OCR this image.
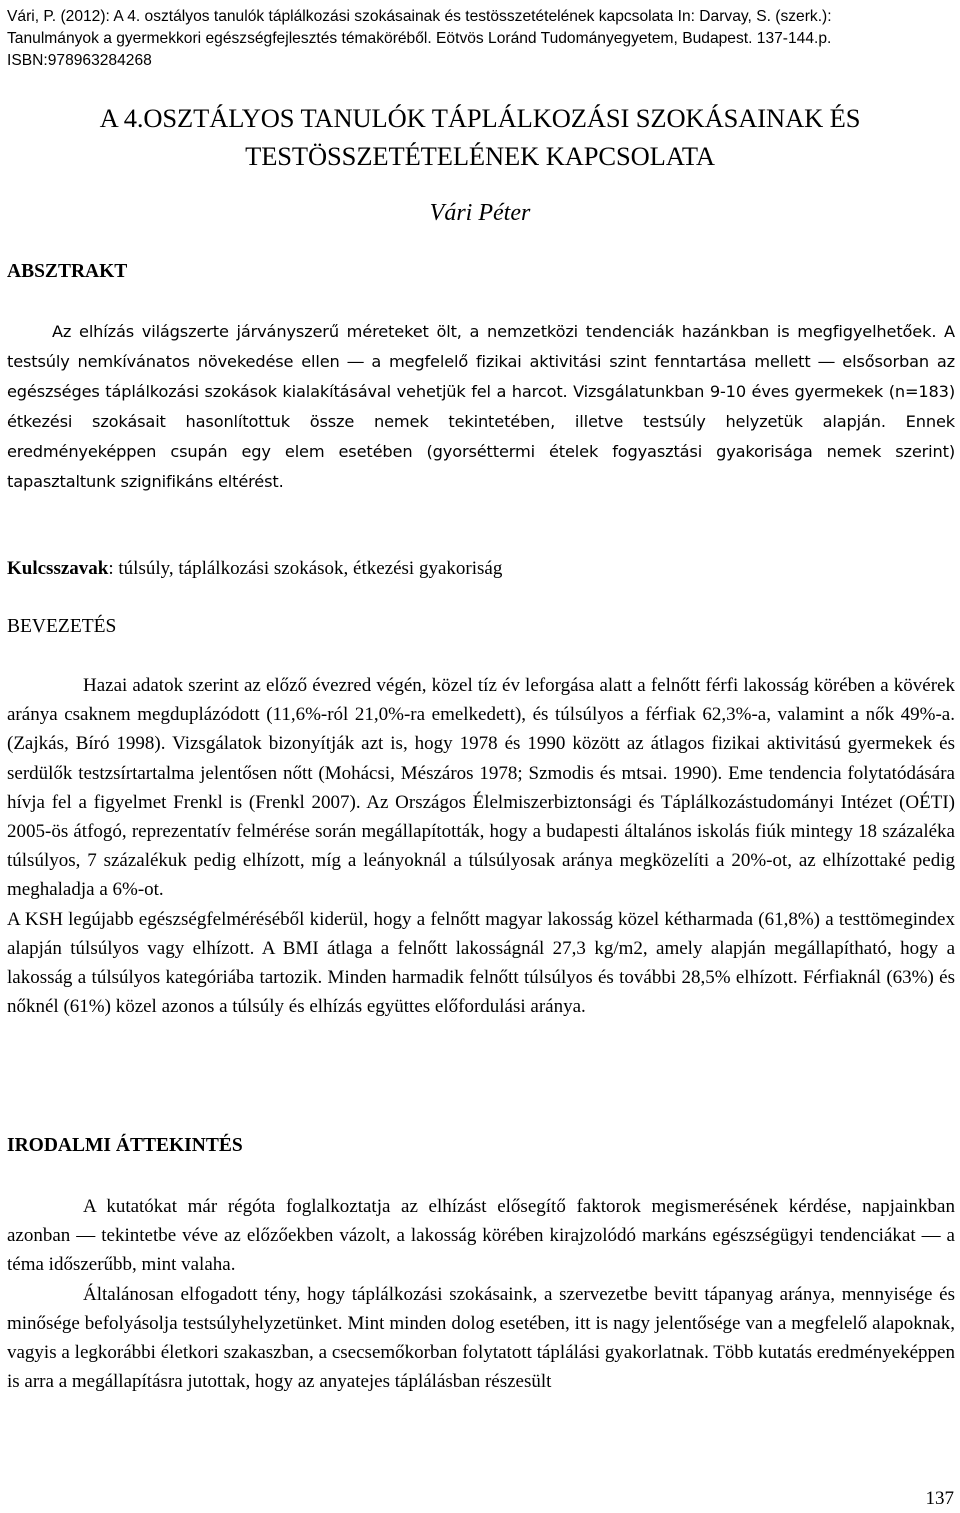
Vári, P. (2012): A 4. osztályos tanulók táplálkozási szokásainak és testösszetételének kapcsolata In: Darvay, S. (szerk.):
Tanulmányok a gyermekkori egészségfejlesztés témaköréből. Eötvös Loránd Tudományegyetem, Budapest. 137-144.p.
ISBN:978963284268
A 4.OSZTÁLYOS TANULÓK TÁPLÁLKOZÁSI SZOKÁSAINAK ÉS
TESTÖSSZETÉTELÉNEK KAPCSOLATA
Vári Péter
ABSZTRAKT

Az elhízás világszerte járványszerű méreteket ölt, a nemzetközi tendenciák hazánkban is megfigyelhetőek. A testsúly nemkívánatos növekedése ellen ― a megfelelő fizikai aktivitási szint fenntartása mellett ― elsősorban az egészséges táplálkozási szokások kialakításával vehetjük fel a harcot. Vizsgálatunkban 9-10 éves gyermekek (n=183) étkezési szokásait hasonlítottuk össze nemek tekintetében, illetve testsúly helyzetük alapján. Ennek eredményeképpen csupán egy elem esetében (gyorséttermi ételek fogyasztási gyakorisága nemek szerint) tapasztaltunk szignifikáns eltérést.

Kulcsszavak: túlsúly, táplálkozási szokások, étkezési gyakoriság
BEVEZETÉS

Hazai adatok szerint az előző évezred végén, közel tíz év leforgása alatt a felnőtt férfi lakosság körében a kövérek aránya csaknem megduplázódott (11,6%-ról 21,0%-ra emelkedett), és túlsúlyos a férfiak 62,3%-a, valamint a nők 49%-a. (Zajkás, Bíró 1998). Vizsgálatok bizonyítják azt is, hogy 1978 és 1990 között az átlagos fizikai aktivitású gyermekek és serdülők testzsírtartalma jelentősen nőtt (Mohácsi, Mészáros 1978; Szmodis és mtsai. 1990). Eme tendencia folytatódására hívja fel a figyelmet Frenkl is (Frenkl 2007). Az Országos Élelmiszerbiztonsági és Táplálkozástudományi Intézet (OÉTI) 2005-ös átfogó, reprezentatív felmérése során megállapították, hogy a budapesti általános iskolás fiúk mintegy 18 százaléka túlsúlyos, 7 százalékuk pedig elhízott, míg a leányoknál a túlsúlyosak aránya megközelíti a 20%-ot, az elhízottaké pedig meghaladja a 6%-ot.

A KSH legújabb egészségfelméréséből kiderül, hogy a felnőtt magyar lakosság közel kétharmada (61,8%) a testtömegindex alapján túlsúlyos vagy elhízott. A BMI átlaga a felnőtt lakosságnál 27,3 kg/m2, amely alapján megállapítható, hogy a lakosság a túlsúlyos kategóriába tartozik. Minden harmadik felnőtt túlsúlyos és további 28,5% elhízott. Férfiaknál (63%) és nőknél (61%) közel azonos a túlsúly és elhízás együttes előfordulási aránya.

IRODALMI ÁTTEKINTÉS

A kutatókat már régóta foglalkoztatja az elhízást elősegítő faktorok megismerésének kérdése, napjainkban azonban ― tekintetbe véve az előzőekben vázolt, a lakosság körében kirajzolódó markáns egészségügyi tendenciákat ― a téma időszerűbb, mint valaha.

Általánosan elfogadott tény, hogy táplálkozási szokásaink, a szervezetbe bevitt tápanyag aránya, mennyisége és minősége befolyásolja testsúlyhelyzetünket. Mint minden dolog esetében, itt is nagy jelentősége van a megfelelő alapoknak, vagyis a legkorábbi életkori szakaszban, a csecsemőkorban folytatott táplálási gyakorlatnak. Több kutatás eredményeképpen is arra a megállapításra jutottak, hogy az anyatejes táplálásban részesült

137
